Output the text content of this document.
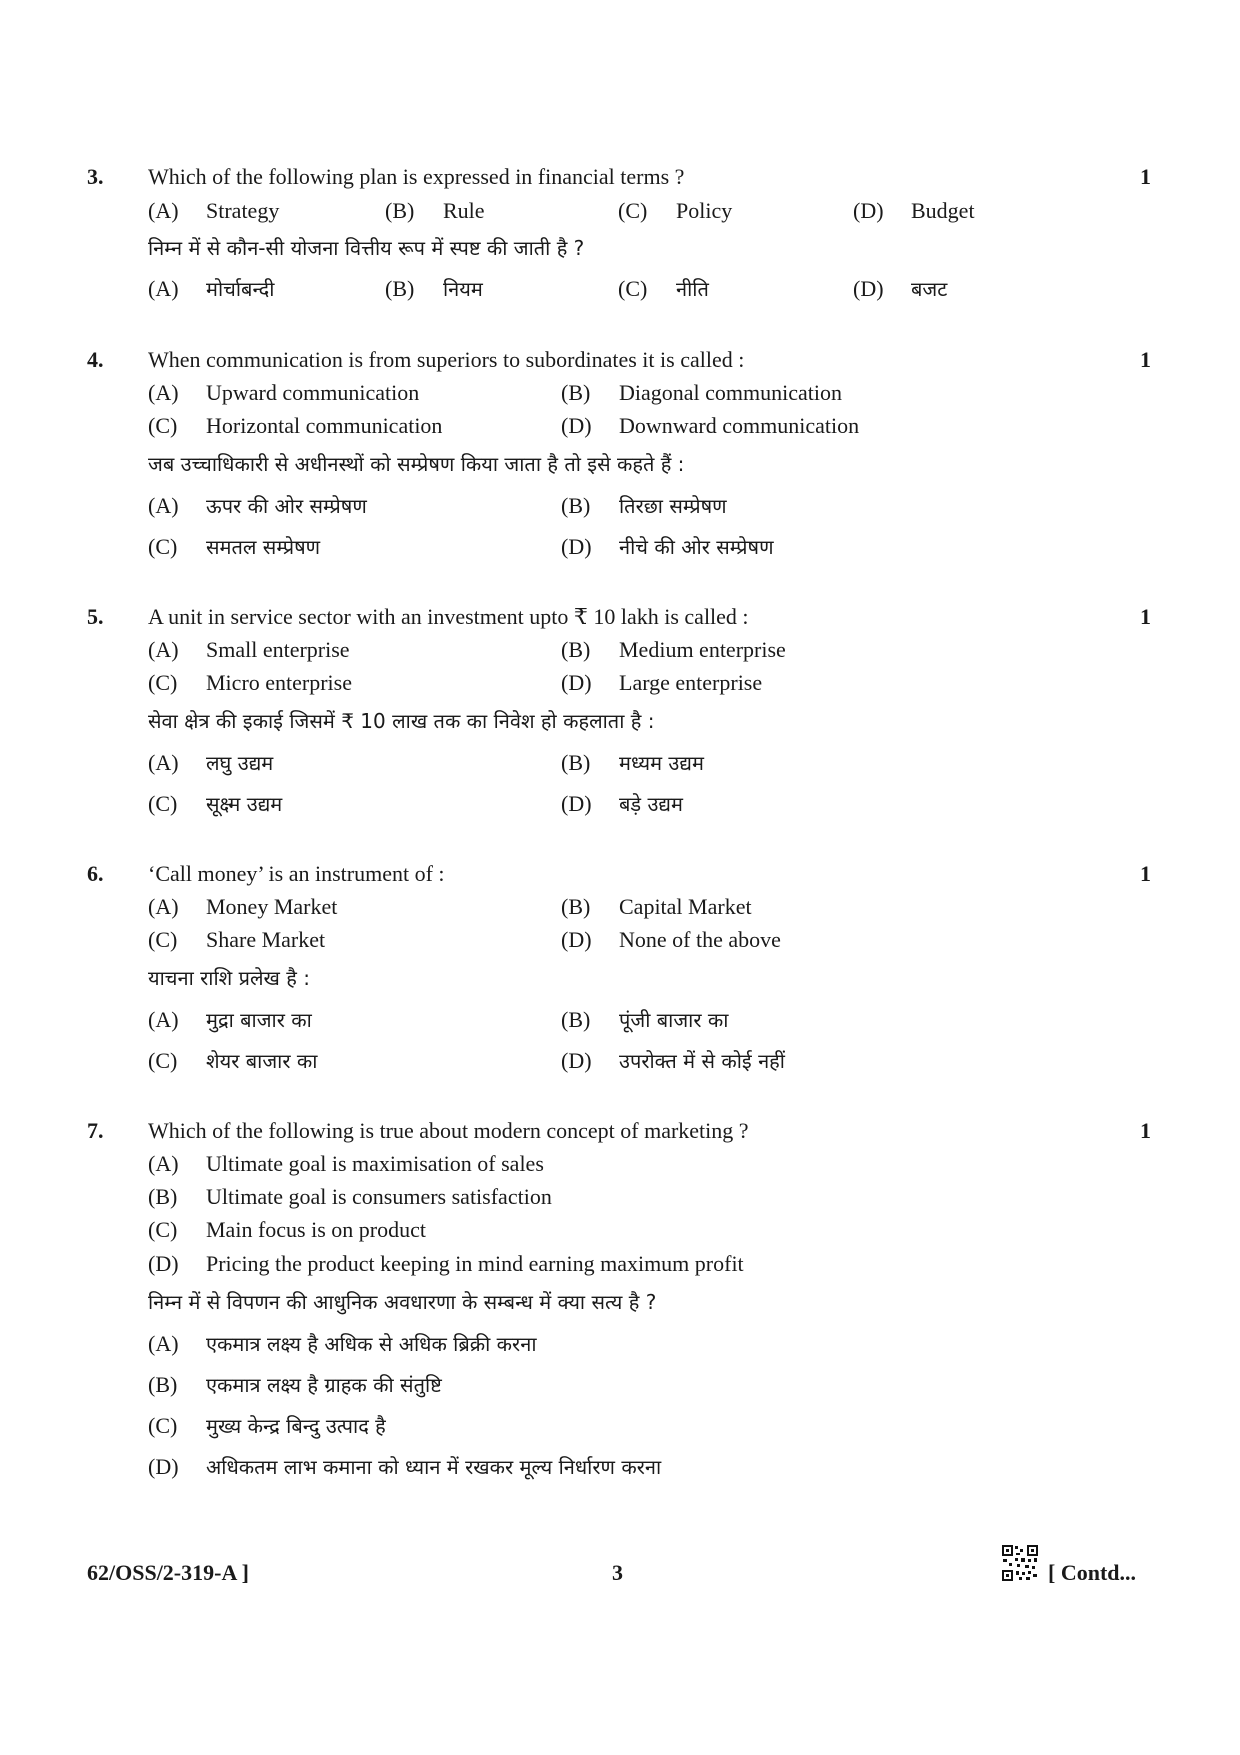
3. Which of the following plan is expressed in financial terms ?	1
(A) Strategy	(B) Rule	(C) Policy	(D) Budget
निम्न में से कौन-सी योजना वित्तीय रूप में स्पष्ट की जाती है ?
(A) मोर्चाबन्दी	(B) नियम	(C) नीति	(D) बजट
4. When communication is from superiors to subordinates it is called :	1
(A) Upward communication	(B) Diagonal communication
(C) Horizontal communication	(D) Downward communication
जब उच्चाधिकारी से अधीनस्थों को सम्प्रेषण किया जाता है तो इसे कहते हैं :
(A) ऊपर की ओर सम्प्रेषण	(B) तिरछा सम्प्रेषण
(C) समतल सम्प्रेषण	(D) नीचे की ओर सम्प्रेषण
5. A unit in service sector with an investment upto ₹ 10 lakh is called :	1
(A) Small enterprise	(B) Medium enterprise
(C) Micro enterprise	(D) Large enterprise
सेवा क्षेत्र की इकाई जिसमें ₹ 10 लाख तक का निवेश हो कहलाता है :
(A) लघु उद्यम	(B) मध्यम उद्यम
(C) सूक्ष्म उद्यम	(D) बड़े उद्यम
6. ‘Call money’ is an instrument of :	1
(A) Money Market	(B) Capital Market
(C) Share Market	(D) None of the above
याचना राशि प्रलेख है :
(A) मुद्रा बाजार का	(B) पूंजी बाजार का
(C) शेयर बाजार का	(D) उपरोक्त में से कोई नहीं
7. Which of the following is true about modern concept of marketing ?	1
(A) Ultimate goal is maximisation of sales
(B) Ultimate goal is consumers satisfaction
(C) Main focus is on product
(D) Pricing the product keeping in mind earning maximum profit
निम्न में से विपणन की आधुनिक अवधारणा के सम्बन्ध में क्या सत्य है ?
(A) एकमात्र लक्ष्य है अधिक से अधिक ब्रिक्री करना
(B) एकमात्र लक्ष्य है ग्राहक की संतुष्टि
(C) मुख्य केन्द्र बिन्दु उत्पाद है
(D) अधिकतम लाभ कमाना को ध्यान में रखकर मूल्य निर्धारण करना
62/OSS/2-319-A ]	3	[ Contd...
